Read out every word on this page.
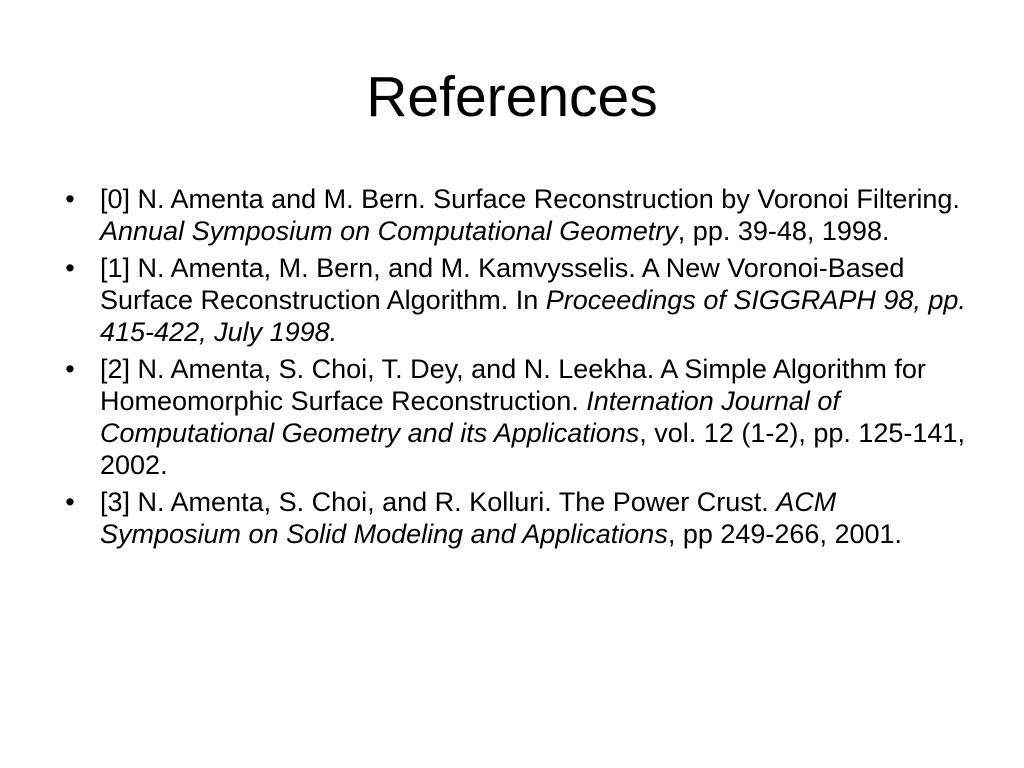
References
• [0] N. Amenta and M. Bern. Surface Reconstruction by Voronoi Filtering. Annual Symposium on Computational Geometry, pp. 39-48, 1998.
• [1] N. Amenta, M. Bern, and M. Kamvysselis. A New Voronoi-Based Surface Reconstruction Algorithm. In Proceedings of SIGGRAPH 98, pp. 415-422, July 1998.
• [2] N. Amenta, S. Choi, T. Dey, and N. Leekha. A Simple Algorithm for Homeomorphic Surface Reconstruction. Internation Journal of Computational Geometry and its Applications, vol. 12 (1-2), pp. 125-141, 2002.
• [3] N. Amenta, S. Choi, and R. Kolluri. The Power Crust. ACM Symposium on Solid Modeling and Applications, pp 249-266, 2001.
